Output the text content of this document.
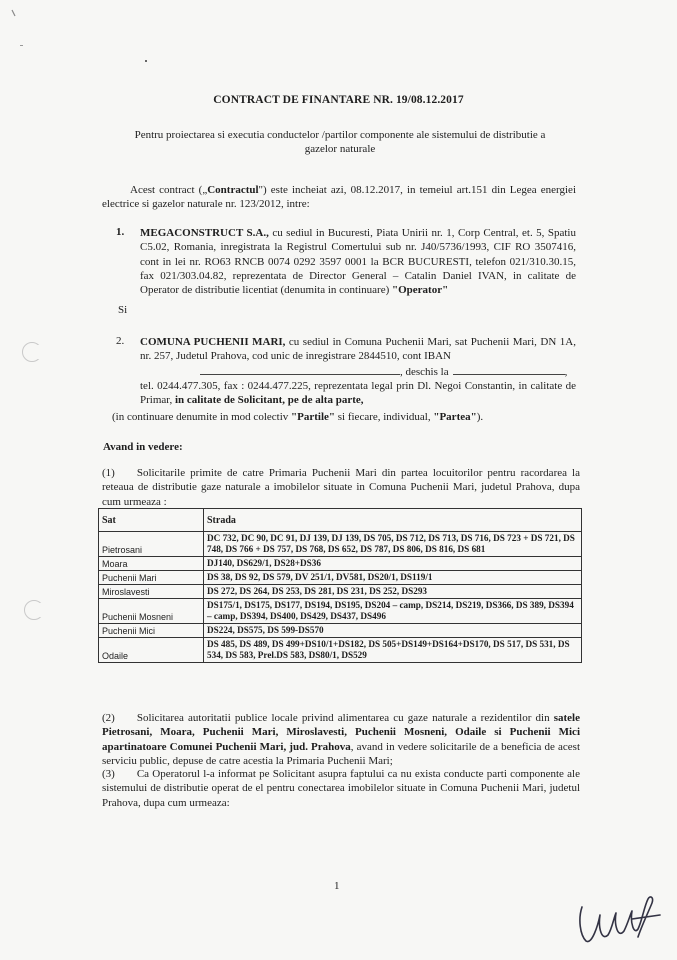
CONTRACT DE FINANTARE NR. 19/08.12.2017
Pentru proiectarea si executia conductelor /partilor componente ale sistemului de distributie a gazelor naturale

Acest contract („Contractul") este incheiat azi, 08.12.2017, in temeiul art.151 din Legea energiei electrice si gazelor naturale nr. 123/2012, intre:

1.	MEGACONSTRUCT S.A., cu sediul in Bucuresti, Piata Unirii nr. 1, Corp Central, et. 5, Spatiu C5.02, Romania, inregistrata la Registrul Comertului sub nr. J40/5736/1993, CIF RO 3507416, cont in lei nr. RO63 RNCB 0074 0292 3597 0001 la BCR BUCURESTI, telefon 021/310.30.15, fax 021/303.04.82, reprezentata de Director General – Catalin Daniel IVAN, in calitate de Operator de distributie licentiat (denumita in continuare) "Operator"

Si
2.	COMUNA PUCHENII MARI, cu sediul in Comuna Puchenii Mari, sat Puchenii Mari, DN 1A, nr. 257, Judetul Prahova, cod unic de inregistrare 2844510, cont IBAN
, deschis la	,
tel. 0244.477.305, fax : 0244.477.225, reprezentata legal prin Dl. Negoi Constantin, in calitate de Primar, in calitate de Solicitant, pe de alta parte,
(in continuare denumite in mod colectiv "Partile" si fiecare, individual, "Partea").
Avand in vedere:

(1) Solicitarile primite de catre Primaria Puchenii Mari din partea locuitorilor pentru racordarea la reteaua de distributie gaze naturale a imobilelor situate in Comuna Puchenii Mari, judetul Prahova, dupa cum urmeaza :

Sat	Strada
Pietrosani	DC 732, DC 90, DC 91, DJ 139, DJ 139, DS 705, DS 712, DS 713, DS 716, DS 723 + DS 721, DS 748, DS 766 + DS 757, DS 768, DS 652, DS 787, DS 806, DS 816, DS 681
Moara	DJ140, DS629/1, DS28+DS36
Puchenii Mari	DS 38, DS 92, DS 579, DV 251/1, DV581, DS20/1, DS119/1
Miroslavesti	DS 272, DS 264, DS 253, DS 281, DS 231, DS 252, DS293
Puchenii Mosneni	DS175/1, DS175, DS177, DS194, DS195, DS204 – camp, DS214, DS219, DS366, DS 389, DS394 – camp, DS394, DS400, DS429, DS437, DS496
Puchenii Mici	DS224, DS575, DS 599-DS570
Odaile	DS 485, DS 489, DS 499+DS10/1+DS182, DS 505+DS149+DS164+DS170, DS 517, DS 531, DS 534, DS 583, Prel.DS 583, DS80/1, DS529

(2) Solicitarea autoritatii publice locale privind alimentarea cu gaze naturale a rezidentilor din satele Pietrosani, Moara, Puchenii Mari, Miroslavesti, Puchenii Mosneni, Odaile si Puchenii Mici apartinatoare Comunei Puchenii Mari, jud. Prahova, avand in vedere solicitarile de a beneficia de acest serviciu public, depuse de catre acestia la Primaria Puchenii Mari;

(3) Ca Operatorul l-a informat pe Solicitant asupra faptului ca nu exista conducte parti componente ale sistemului de distributie operat de el pentru conectarea imobilelor situate in Comuna Puchenii Mari, judetul Prahova, dupa cum urmeaza:

1
